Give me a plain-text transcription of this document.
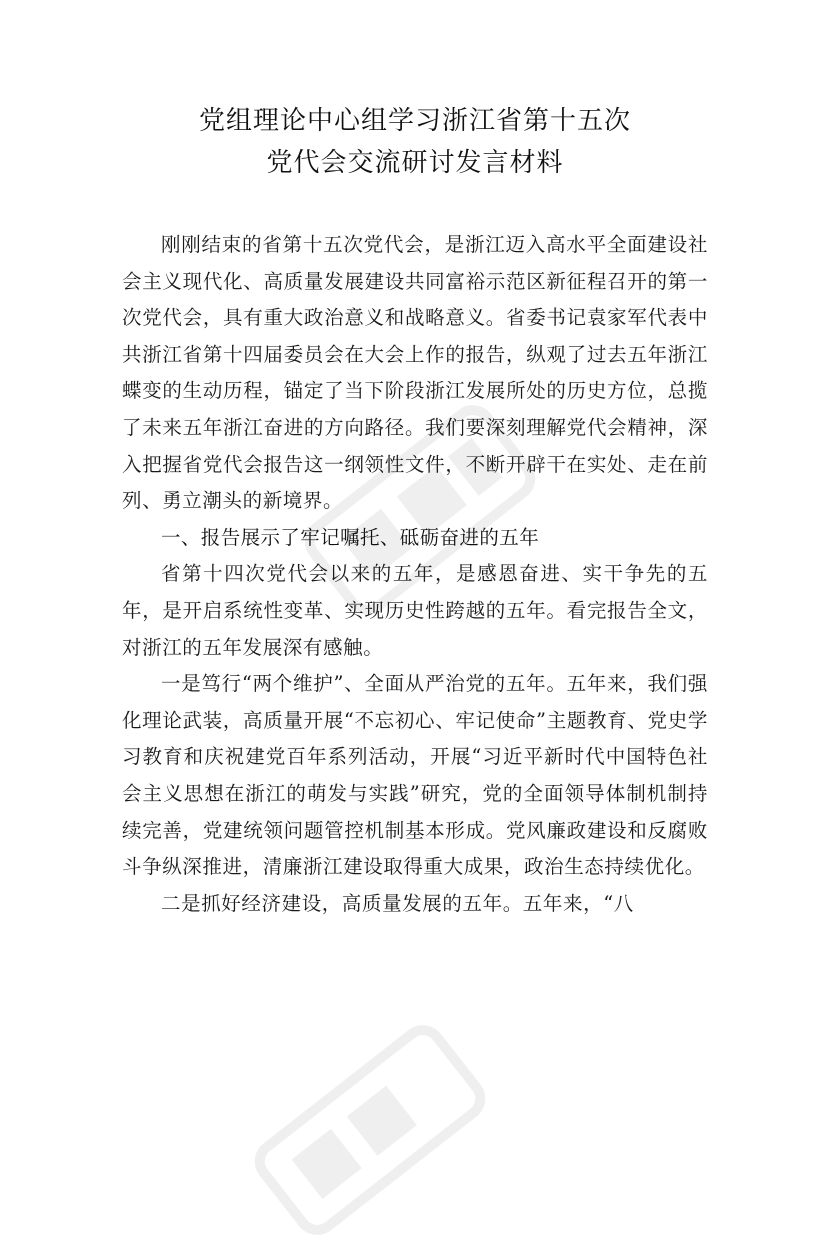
党组理论中心组学习浙江省第十五次

党代会交流研讨发言材料

刚刚结束的省第十五次党代会，是浙江迈入高水平全面建设社会主义现代化、高质量发展建设共同富裕示范区新征程召开的第一次党代会，具有重大政治意义和战略意义。省委书记袁家军代表中共浙江省第十四届委员会在大会上作的报告，纵观了过去五年浙江蝶变的生动历程，锚定了当下阶段浙江发展所处的历史方位，总揽了未来五年浙江奋进的方向路径。我们要深刻理解党代会精神，深入把握省党代会报告这一纲领性文件，不断开辟干在实处、走在前列、勇立潮头的新境界。

一、报告展示了牢记嘱托、砥砺奋进的五年

省第十四次党代会以来的五年，是感恩奋进、实干争先的五年，是开启系统性变革、实现历史性跨越的五年。看完报告全文，对浙江的五年发展深有感触。

一是笃行“两个维护”、全面从严治党的五年。五年来，我们强化理论武装，高质量开展“不忘初心、牢记使命”主题教育、党史学习教育和庆祝建党百年系列活动，开展“习近平新时代中国特色社会主义思想在浙江的萌发与实践”研究，党的全面领导体制机制持续完善，党建统领问题管控机制基本形成。党风廉政建设和反腐败斗争纵深推进，清廉浙江建设取得重大成果，政治生态持续优化。

二是抓好经济建设，高质量发展的五年。五年来，“八
